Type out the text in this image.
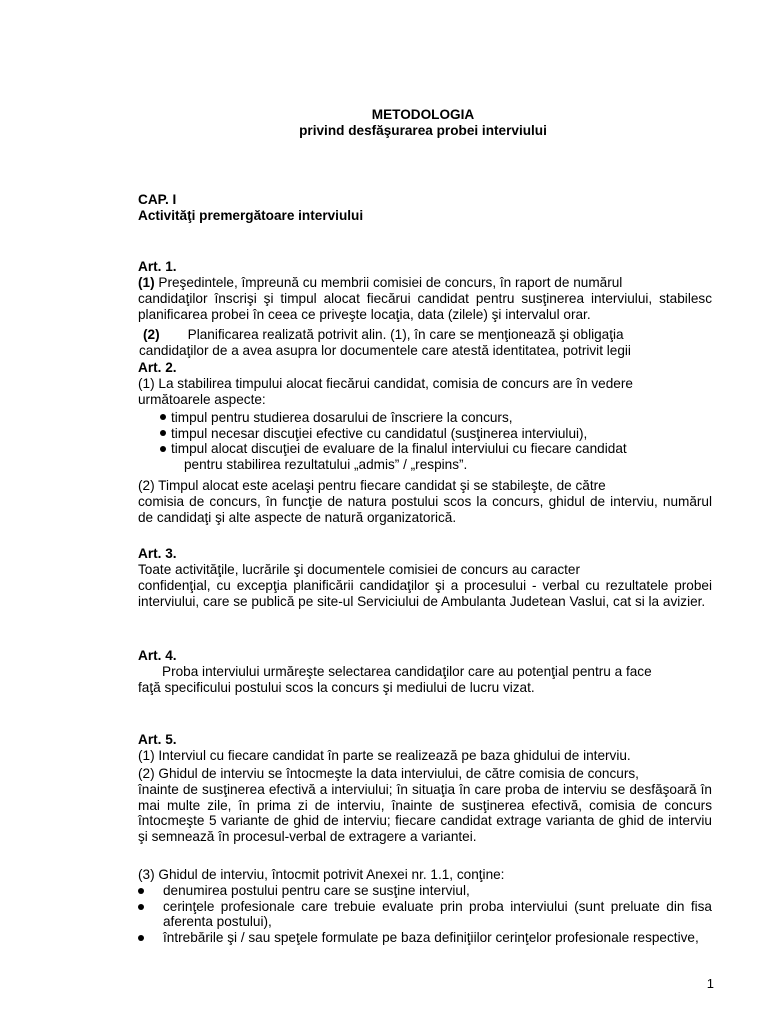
METODOLOGIA
privind desfăşurarea probei interviului
CAP. I
Activităţi premergătoare interviului
Art. 1.
(1) Preşedintele, împreună cu membrii comisiei de concurs, în raport de numărul
candidaţilor înscrişi şi timpul alocat fiecărui candidat pentru susţinerea interviului, stabilesc planificarea probei în ceea ce priveşte locaţia, data (zilele) şi intervalul orar.
(2) Planificarea realizată potrivit alin. (1), în care se menţionează şi obligaţia
candidaţilor de a avea asupra lor documentele care atestă identitatea, potrivit legii
Art. 2.
(1) La stabilirea timpului alocat fiecărui candidat, comisia de concurs are în vedere
următoarele aspecte:
timpul pentru studierea dosarului de înscriere la concurs,
timpul necesar discuţiei efective cu candidatul (susţinerea interviului),
timpul alocat discuţiei de evaluare de la finalul interviului cu fiecare candidat
pentru stabilirea rezultatului „admis” / „respins”.
(2) Timpul alocat este acelaşi pentru fiecare candidat şi se stabileşte, de către
comisia de concurs, în funcţie de natura postului scos la concurs, ghidul de interviu, numărul de candidaţi şi alte aspecte de natură organizatorică.
Art. 3.
Toate activităţile, lucrările şi documentele comisiei de concurs au caracter
confidenţial, cu excepţia planificării candidaţilor şi a procesului - verbal cu rezultatele probei interviului, care se publică pe site-ul Serviciului de Ambulanta Judetean Vaslui, cat si la avizier.
Art. 4.
Proba interviului urmăreşte selectarea candidaţilor care au potenţial pentru a face
faţă specificului postului scos la concurs şi mediului de lucru vizat.
Art. 5.
(1) Interviul cu fiecare candidat în parte se realizează pe baza ghidului de interviu.
(2) Ghidul de interviu se întocmeşte la data interviului, de către comisia de concurs,
înainte de susţinerea efectivă a interviului; în situaţia în care proba de interviu se desfăşoară în mai multe zile, în prima zi de interviu, înainte de susţinerea efectivă, comisia de concurs întocmeşte 5 variante de ghid de interviu; fiecare candidat extrage varianta de ghid de interviu şi semnează în procesul-verbal de extragere a variantei.
(3) Ghidul de interviu, întocmit potrivit Anexei nr. 1.1, conţine:
denumirea postului pentru care se susţine interviul,
cerinţele profesionale care trebuie evaluate prin proba interviului (sunt preluate din fisa aferenta postului),
întrebările şi / sau speţele formulate pe baza definiţiilor cerinţelor profesionale respective,
1
